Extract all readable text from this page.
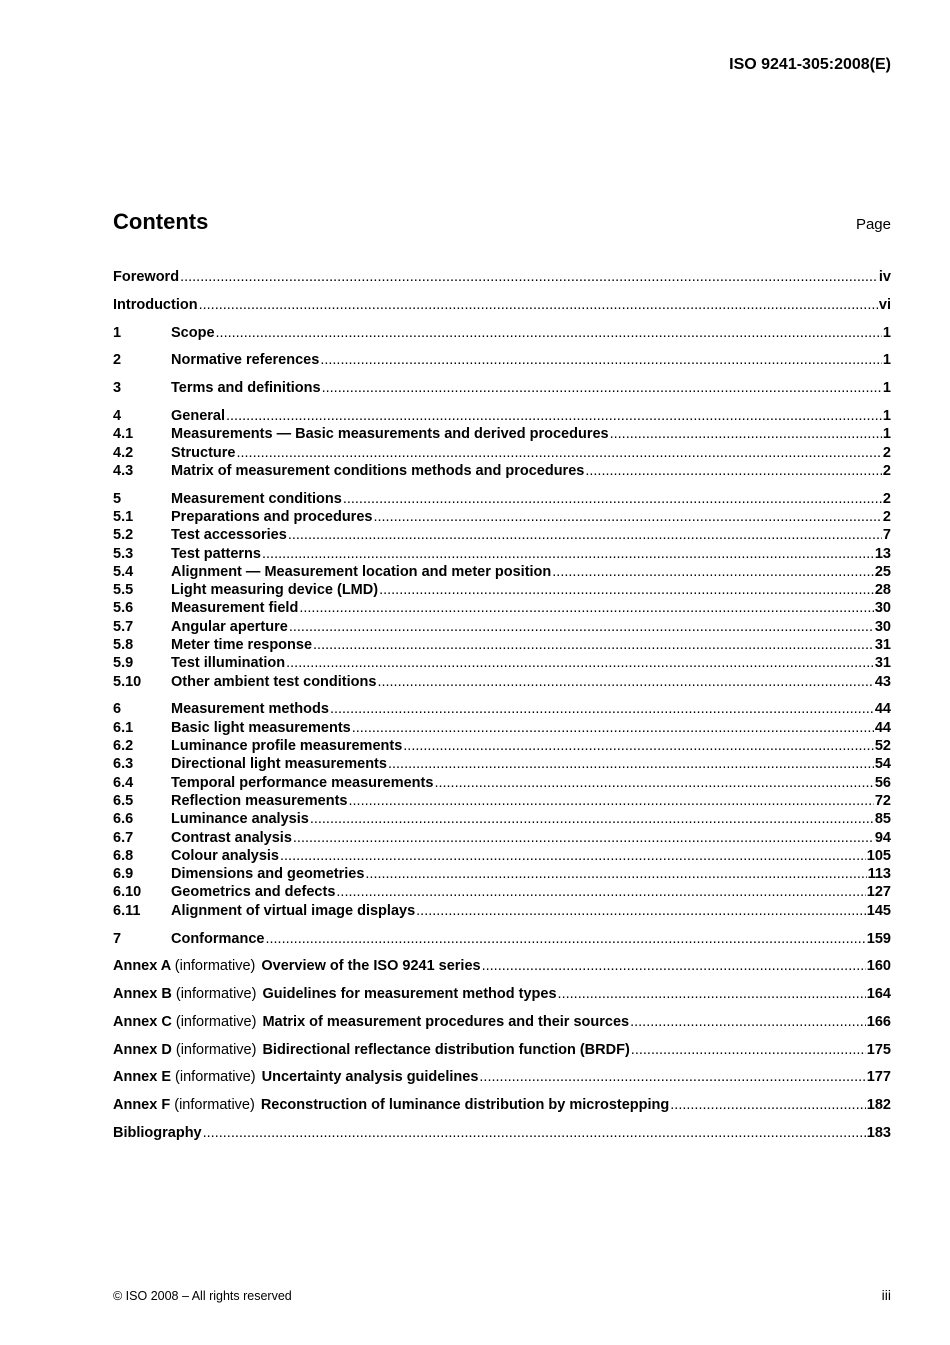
ISO 9241-305:2008(E)
Contents	Page
Foreword .....	iv
Introduction .....	vi
1	Scope .....	1
2	Normative references .....	1
3	Terms and definitions .....	1
4	General .....	1
4.1	Measurements — Basic measurements and derived procedures .....	1
4.2	Structure .....	2
4.3	Matrix of measurement conditions methods and procedures .....	2
5	Measurement conditions .....	2
5.1	Preparations and procedures .....	2
5.2	Test accessories .....	7
5.3	Test patterns .....	13
5.4	Alignment — Measurement location and meter position .....	25
5.5	Light measuring device (LMD) .....	28
5.6	Measurement field .....	30
5.7	Angular aperture .....	30
5.8	Meter time response .....	31
5.9	Test illumination .....	31
5.10	Other ambient test conditions .....	43
6	Measurement methods .....	44
6.1	Basic light measurements .....	44
6.2	Luminance profile measurements .....	52
6.3	Directional light measurements .....	54
6.4	Temporal performance measurements .....	56
6.5	Reflection measurements .....	72
6.6	Luminance analysis .....	85
6.7	Contrast analysis .....	94
6.8	Colour analysis .....	105
6.9	Dimensions and geometries .....	113
6.10	Geometrics and defects .....	127
6.11	Alignment of virtual image displays .....	145
7	Conformance .....	159
Annex A (informative) Overview of the ISO 9241 series .....	160
Annex B (informative) Guidelines for measurement method types .....	164
Annex C (informative) Matrix of measurement procedures and their sources .....	166
Annex D (informative) Bidirectional reflectance distribution function (BRDF) .....	175
Annex E (informative) Uncertainty analysis guidelines .....	177
Annex F (informative) Reconstruction of luminance distribution by microstepping .....	182
Bibliography .....	183
© ISO 2008 – All rights reserved	iii
